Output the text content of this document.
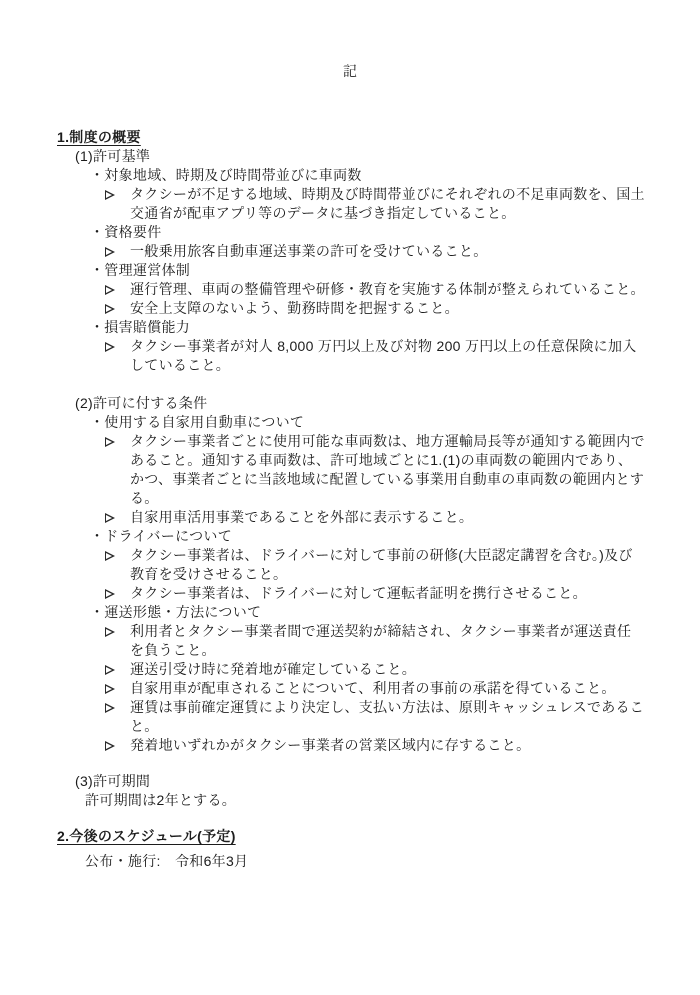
記
1.制度の概要
(1)許可基準
・対象地域、時期及び時間帯並びに車両数
タクシーが不足する地域、時期及び時間帯並びにそれぞれの不足車両数を、国土交通省が配車アプリ等のデータに基づき指定していること。
・資格要件
一般乗用旅客自動車運送事業の許可を受けていること。
・管理運営体制
運行管理、車両の整備管理や研修・教育を実施する体制が整えられていること。
安全上支障のないよう、勤務時間を把握すること。
・損害賠償能力
タクシー事業者が対人 8,000 万円以上及び対物 200 万円以上の任意保険に加入していること。
(2)許可に付する条件
・使用する自家用自動車について
タクシー事業者ごとに使用可能な車両数は、地方運輸局長等が通知する範囲内であること。通知する車両数は、許可地域ごとに1.(1)の車両数の範囲内であり、かつ、事業者ごとに当該地域に配置している事業用自動車の車両数の範囲内とする。
自家用車活用事業であることを外部に表示すること。
・ドライバーについて
タクシー事業者は、ドライバーに対して事前の研修(大臣認定講習を含む。)及び教育を受けさせること。
タクシー事業者は、ドライバーに対して運転者証明を携行させること。
・運送形態・方法について
利用者とタクシー事業者間で運送契約が締結され、タクシー事業者が運送責任を負うこと。
運送引受け時に発着地が確定していること。
自家用車が配車されることについて、利用者の事前の承諾を得ていること。
運賃は事前確定運賃により決定し、支払い方法は、原則キャッシュレスであること。
発着地いずれかがタクシー事業者の営業区域内に存すること。
(3)許可期間
許可期間は2年とする。
2.今後のスケジュール(予定)
公布・施行:　令和6年3月
